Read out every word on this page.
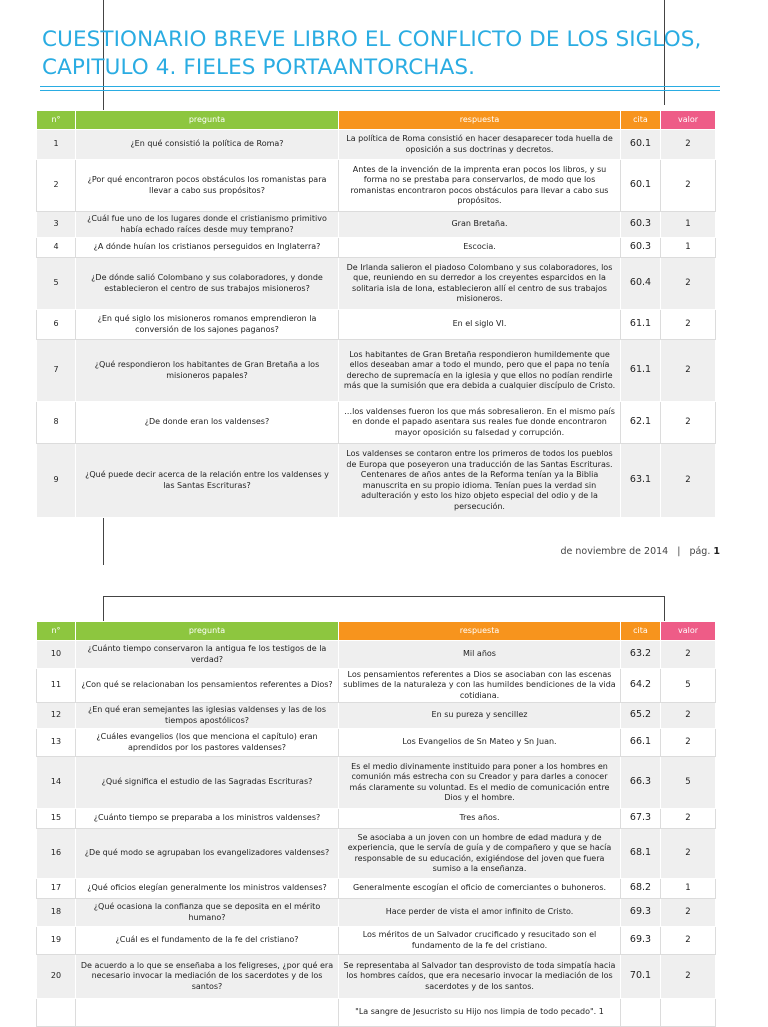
CUESTIONARIO BREVE LIBRO EL CONFLICTO DE LOS SIGLOS, CAPITULO 4. FIELES PORTAANTORCHAS.
n°	pregunta	respuesta	cita	valor
1	¿En qué consistió la política de Roma?	La política de Roma consistió en hacer desaparecer toda huella de oposición a sus doctrinas y decretos.	60.1	2
2	¿Por qué encontraron pocos obstáculos los romanistas para llevar a cabo sus propósitos?	Antes de la invención de la imprenta eran pocos los libros, y su forma no se prestaba para conservarlos, de modo que los romanistas encontraron pocos obstáculos para llevar a cabo sus propósitos.	60.1	2
3	¿Cuál fue uno de los lugares donde el cristianismo primitivo había echado raíces desde muy temprano?	Gran Bretaña.	60.3	1
4	¿A dónde huían los cristianos perseguidos en Inglaterra?	Escocia.	60.3	1
5	¿De dónde salió Colombano y sus colaboradores, y donde establecieron el centro de sus trabajos misioneros?	De Irlanda salieron el piadoso Colombano y sus colaboradores, los que, reuniendo en su derredor a los creyentes esparcidos en la solitaria isla de Iona, establecieron allí el centro de sus trabajos misioneros.	60.4	2
6	¿En qué siglo los misioneros romanos emprendieron la conversión de los sajones paganos?	En el siglo VI.	61.1	2
7	¿Qué respondieron los habitantes de Gran Bretaña a los misioneros papales?	Los habitantes de Gran Bretaña respondieron humildemente que ellos deseaban amar a todo el mundo, pero que el papa no tenía derecho de supremacía en la iglesia y que ellos no podían rendirle más que la sumisión que era debida a cualquier discípulo de Cristo.	61.1	2
8	¿De donde eran los valdenses?	…los valdenses fueron los que más sobresalieron. En el mismo país en donde el papado asentara sus reales fue donde encontraron mayor oposición su falsedad y corrupción.	62.1	2
9	¿Qué puede decir acerca de la relación entre los valdenses y las Santas Escrituras?	Los valdenses se contaron entre los primeros de todos los pueblos de Europa que poseyeron una traducción de las Santas Escrituras. Centenares de años antes de la Reforma tenían ya la Biblia manuscrita en su propio idioma. Tenían pues la verdad sin adulteración y esto los hizo objeto especial del odio y de la persecución.	63.1	2
de noviembre de 2014 | pág. 1
n°	pregunta	respuesta	cita	valor
10	¿Cuánto tiempo conservaron la antigua fe los testigos de la verdad?	Mil años	63.2	2
11	¿Con qué se relacionaban los pensamientos referentes a Dios?	Los pensamientos referentes a Dios se asociaban con las escenas sublimes de la naturaleza y con las humildes bendiciones de la vida cotidiana.	64.2	5
12	¿En qué eran semejantes las iglesias valdenses y las de los tiempos apostólicos?	En su pureza y sencillez	65.2	2
13	¿Cuáles evangelios (los que menciona el capítulo) eran aprendidos por los pastores valdenses?	Los Evangelios de Sn Mateo y Sn Juan.	66.1	2
14	¿Qué significa el estudio de las Sagradas Escrituras?	Es el medio divinamente instituido para poner a los hombres en comunión más estrecha con su Creador y para darles a conocer más claramente su voluntad. Es el medio de comunicación entre Dios y el hombre.	66.3	5
15	¿Cuánto tiempo se preparaba a los ministros valdenses?	Tres años.	67.3	2
16	¿De qué modo se agrupaban los evangelizadores valdenses?	Se asociaba a un joven con un hombre de edad madura y de experiencia, que le servía de guía y de compañero y que se hacía responsable de su educación, exigiéndose del joven que fuera sumiso a la enseñanza.	68.1	2
17	¿Qué oficios elegían generalmente los ministros valdenses?	Generalmente escogían el oficio de comerciantes o buhoneros.	68.2	1
18	¿Qué ocasiona la confianza que se deposita en el mérito humano?	Hace perder de vista el amor infinito de Cristo.	69.3	2
19	¿Cuál es el fundamento de la fe del cristiano?	Los méritos de un Salvador crucificado y resucitado son el fundamento de la fe del cristiano.	69.3	2
20	De acuerdo a lo que se enseñaba a los feligreses, ¿por qué era necesario invocar la mediación de los sacerdotes y de los santos?	Se representaba al Salvador tan desprovisto de toda simpatía hacia los hombres caídos, que era necesario invocar la mediación de los sacerdotes y de los santos.	70.1	2
		"La sangre de Jesucristo su Hijo nos limpia de todo pecado". 1		
